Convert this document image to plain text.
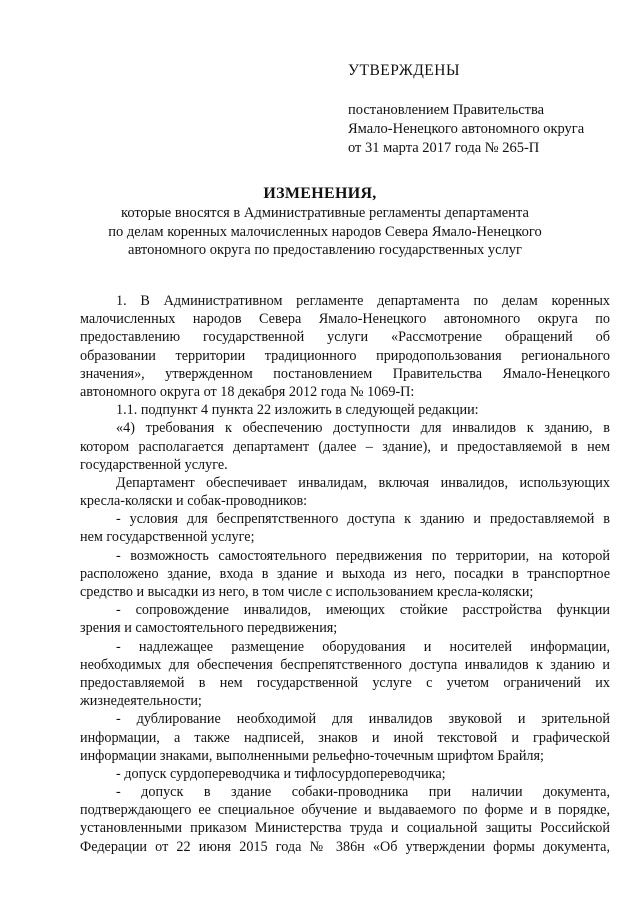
УТВЕРЖДЕНЫ
постановлением Правительства
Ямало-Ненецкого автономного округа
от 31 марта 2017 года № 265-П
ИЗМЕНЕНИЯ,
которые вносятся в Административные регламенты департамента
по делам коренных малочисленных народов Севера Ямало-Ненецкого
автономного округа по предоставлению государственных услуг
1. В Административном регламенте департамента по делам коренных
малочисленных народов Севера Ямало-Ненецкого автономного округа по
предоставлению государственной услуги «Рассмотрение обращений об
образовании территории традиционного природопользования регионального
значения», утвержденном постановлением Правительства Ямало-Ненецкого
автономного округа от 18 декабря 2012 года № 1069-П:
1.1. подпункт 4 пункта 22 изложить в следующей редакции:
«4) требования к обеспечению доступности для инвалидов к зданию, в
котором располагается департамент (далее – здание), и предоставляемой в нем
государственной услуге.
Департамент обеспечивает инвалидам, включая инвалидов, использующих
кресла-коляски и собак-проводников:
- условия для беспрепятственного доступа к зданию и предоставляемой в
нем государственной услуге;
- возможность самостоятельного передвижения по территории, на которой
расположено здание, входа в здание и выхода из него, посадки в транспортное
средство и высадки из него, в том числе с использованием кресла-коляски;
- сопровождение инвалидов, имеющих стойкие расстройства функции
зрения и самостоятельного передвижения;
- надлежащее размещение оборудования и носителей информации,
необходимых для обеспечения беспрепятственного доступа инвалидов к зданию и
предоставляемой в нем государственной услуге с учетом ограничений их
жизнедеятельности;
- дублирование необходимой для инвалидов звуковой и зрительной
информации, а также надписей, знаков и иной текстовой и графической
информации знаками, выполненными рельефно-точечным шрифтом Брайля;
- допуск сурдопереводчика и тифлосурдопереводчика;
- допуск в здание собаки-проводника при наличии документа,
подтверждающего ее специальное обучение и выдаваемого по форме и в порядке,
установленными приказом Министерства труда и социальной защиты Российской
Федерации от 22 июня 2015 года № 386н «Об утверждении формы документа,
